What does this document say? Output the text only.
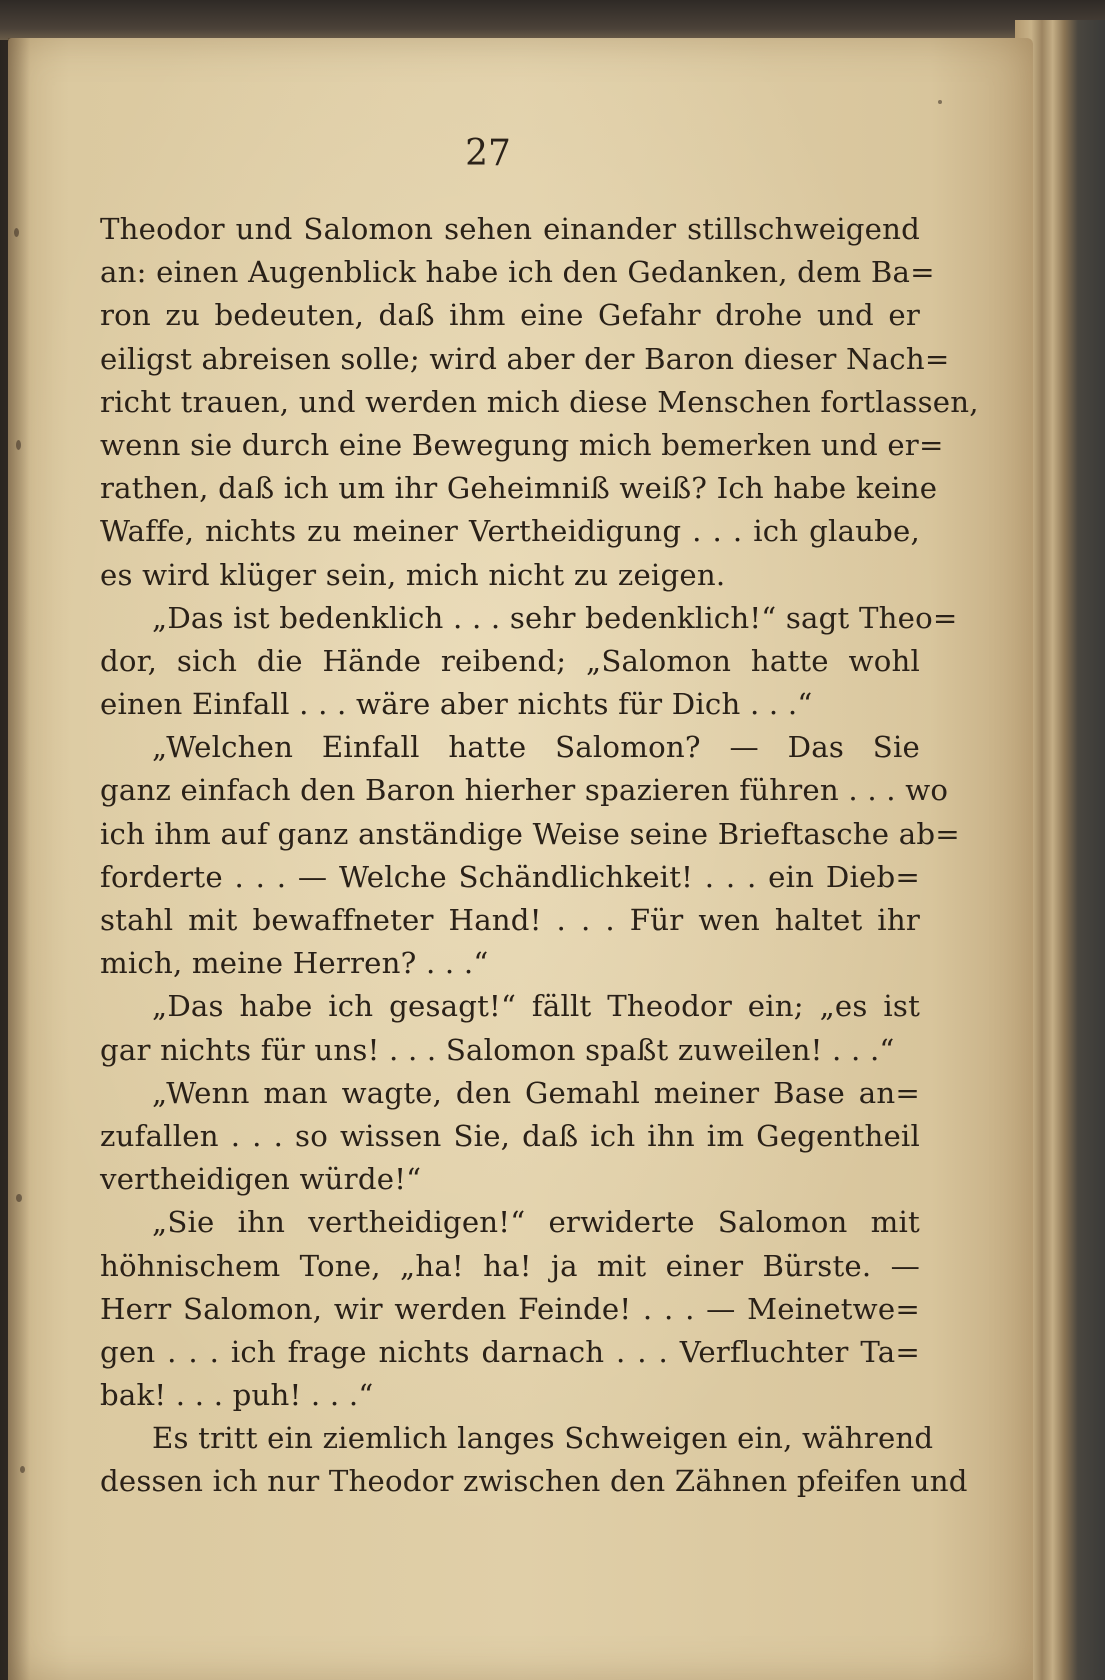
27
Theodor und Salomon sehen einander stillschweigend
an: einen Augenblick habe ich den Gedanken, dem Ba=
ron zu bedeuten, daß ihm eine Gefahr drohe und er
eiligst abreisen solle; wird aber der Baron dieser Nach=
richt trauen, und werden mich diese Menschen fortlassen,
wenn sie durch eine Bewegung mich bemerken und er=
rathen, daß ich um ihr Geheimniß weiß? Ich habe keine
Waffe, nichts zu meiner Vertheidigung . . . ich glaube,
es wird klüger sein, mich nicht zu zeigen.
„Das ist bedenklich . . . sehr bedenklich!“ sagt Theo=
dor, sich die Hände reibend; „Salomon hatte wohl
einen Einfall . . . wäre aber nichts für Dich . . .“
„Welchen Einfall hatte Salomon? — Das Sie
ganz einfach den Baron hierher spazieren führen . . . wo
ich ihm auf ganz anständige Weise seine Brieftasche ab=
forderte . . . — Welche Schändlichkeit! . . . ein Dieb=
stahl mit bewaffneter Hand! . . . Für wen haltet ihr
mich, meine Herren? . . .“
„Das habe ich gesagt!“ fällt Theodor ein; „es ist
gar nichts für uns! . . . Salomon spaßt zuweilen! . . .“
„Wenn man wagte, den Gemahl meiner Base an=
zufallen . . . so wissen Sie, daß ich ihn im Gegentheil
vertheidigen würde!“
„Sie ihn vertheidigen!“ erwiderte Salomon mit
höhnischem Tone, „ha! ha! ja mit einer Bürste. —
Herr Salomon, wir werden Feinde! . . . — Meinetwe=
gen . . . ich frage nichts darnach . . . Verfluchter Ta=
bak! . . . puh! . . .“
Es tritt ein ziemlich langes Schweigen ein, während
dessen ich nur Theodor zwischen den Zähnen pfeifen und
